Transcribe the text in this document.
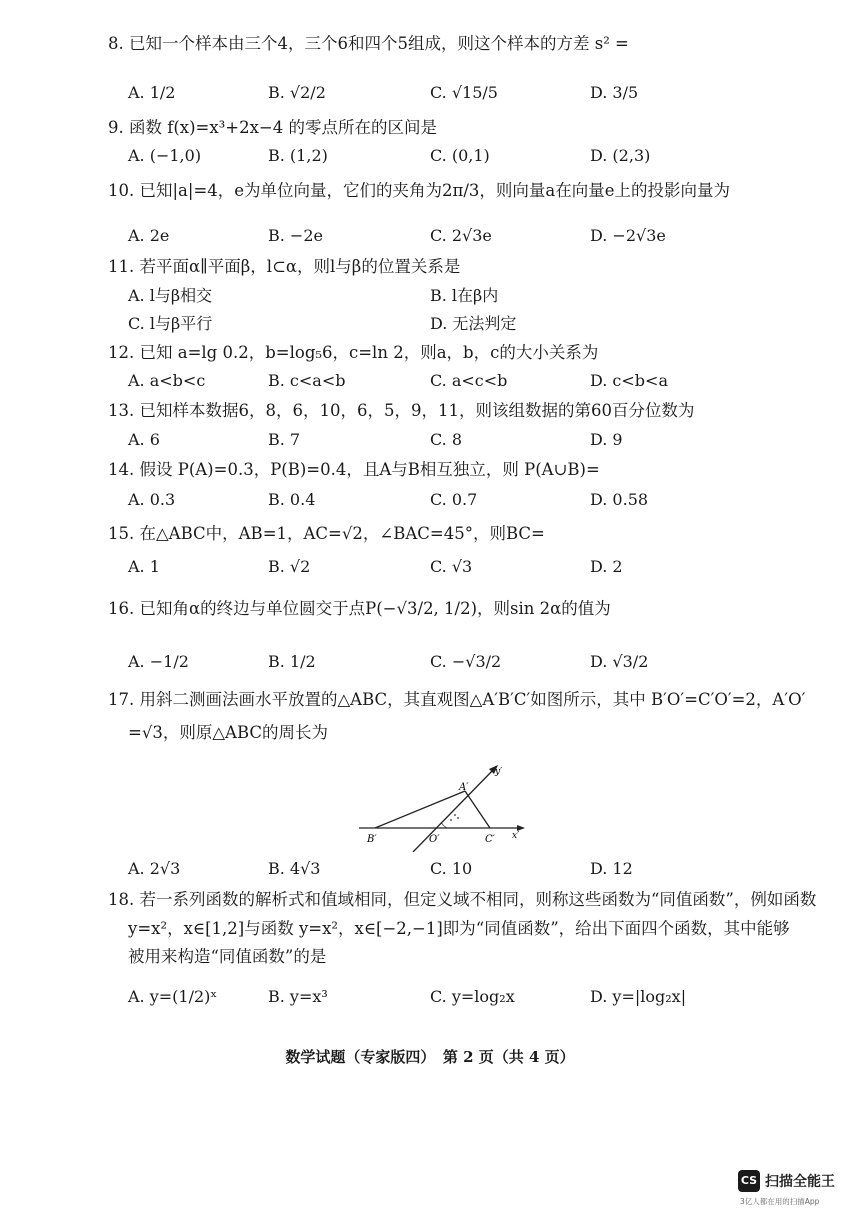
8. 已知一个样本由三个4，三个6和四个5组成，则这个样本的方差 s² =
A. 1/2	B. √2/2	C. √15/5	D. 3/5
9. 函数 f(x)=x³+2x−4 的零点所在的区间是
A. (−1,0)	B. (1,2)	C. (0,1)	D. (2,3)
10. 已知|a|=4，e为单位向量，它们的夹角为2π/3，则向量a在向量e上的投影向量为
A. 2e	B. −2e	C. 2√3e	D. −2√3e
11. 若平面α∥平面β，l⊂α，则l与β的位置关系是
A. l与β相交	B. l在β内
C. l与β平行	D. 无法判定
12. 已知 a=lg 0.2，b=log₅6，c=ln 2，则a，b，c的大小关系为
A. a<b<c	B. c<a<b	C. a<c<b	D. c<b<a
13. 已知样本数据6，8，6，10，6，5，9，11，则该组数据的第60百分位数为
A. 6	B. 7	C. 8	D. 9
14. 假设 P(A)=0.3，P(B)=0.4，且A与B相互独立，则 P(A∪B)=
A. 0.3	B. 0.4	C. 0.7	D. 0.58
15. 在△ABC中，AB=1，AC=√2，∠BAC=45°，则BC=
A. 1	B. √2	C. √3	D. 2
16. 已知角α的终边与单位圆交于点P(−√3/2, 1/2)，则sin 2α的值为
A. −1/2	B. 1/2	C. −√3/2	D. √3/2
17. 用斜二测画法画水平放置的△ABC，其直观图△A′B′C′如图所示，其中 B′O′=C′O′=2，A′O′
=√3，则原△ABC的周长为
A′
B′	O′	C′ x′
y′
A. 2√3	B. 4√3	C. 10	D. 12
18. 若一系列函数的解析式和值域相同，但定义域不相同，则称这些函数为“同值函数”，例如函数
y=x²，x∈[1,2]与函数 y=x²，x∈[−2,−1]即为“同值函数”，给出下面四个函数，其中能够
被用来构造“同值函数”的是
A. y=(1/2)ˣ	B. y=x³	C. y=log₂x	D. y=|log₂x|
数学试题（专家版四）　第 2 页（共 4 页）
CS 扫描全能王
3亿人都在用的扫描App
